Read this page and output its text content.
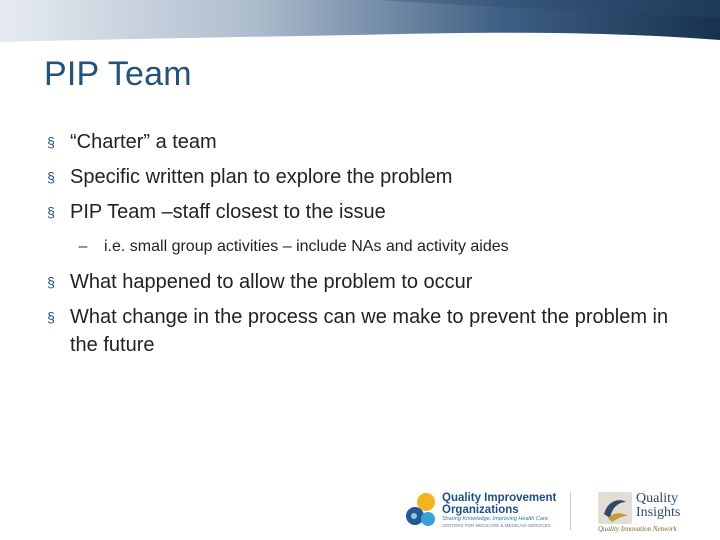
PIP Team
§ “Charter” a team
§ Specific written plan to explore the problem
§ PIP Team –staff closest to the issue
– i.e. small group activities – include NAs and activity aides
§ What happened to allow the problem to occur
§ What change in the process can we make to prevent the problem in the future
Quality Improvement
Organizations
Sharing Knowledge. Improving Health Care.
CENTERS FOR MEDICARE & MEDICAID SERVICES
Quality
Insights
Quality Innovation Network
